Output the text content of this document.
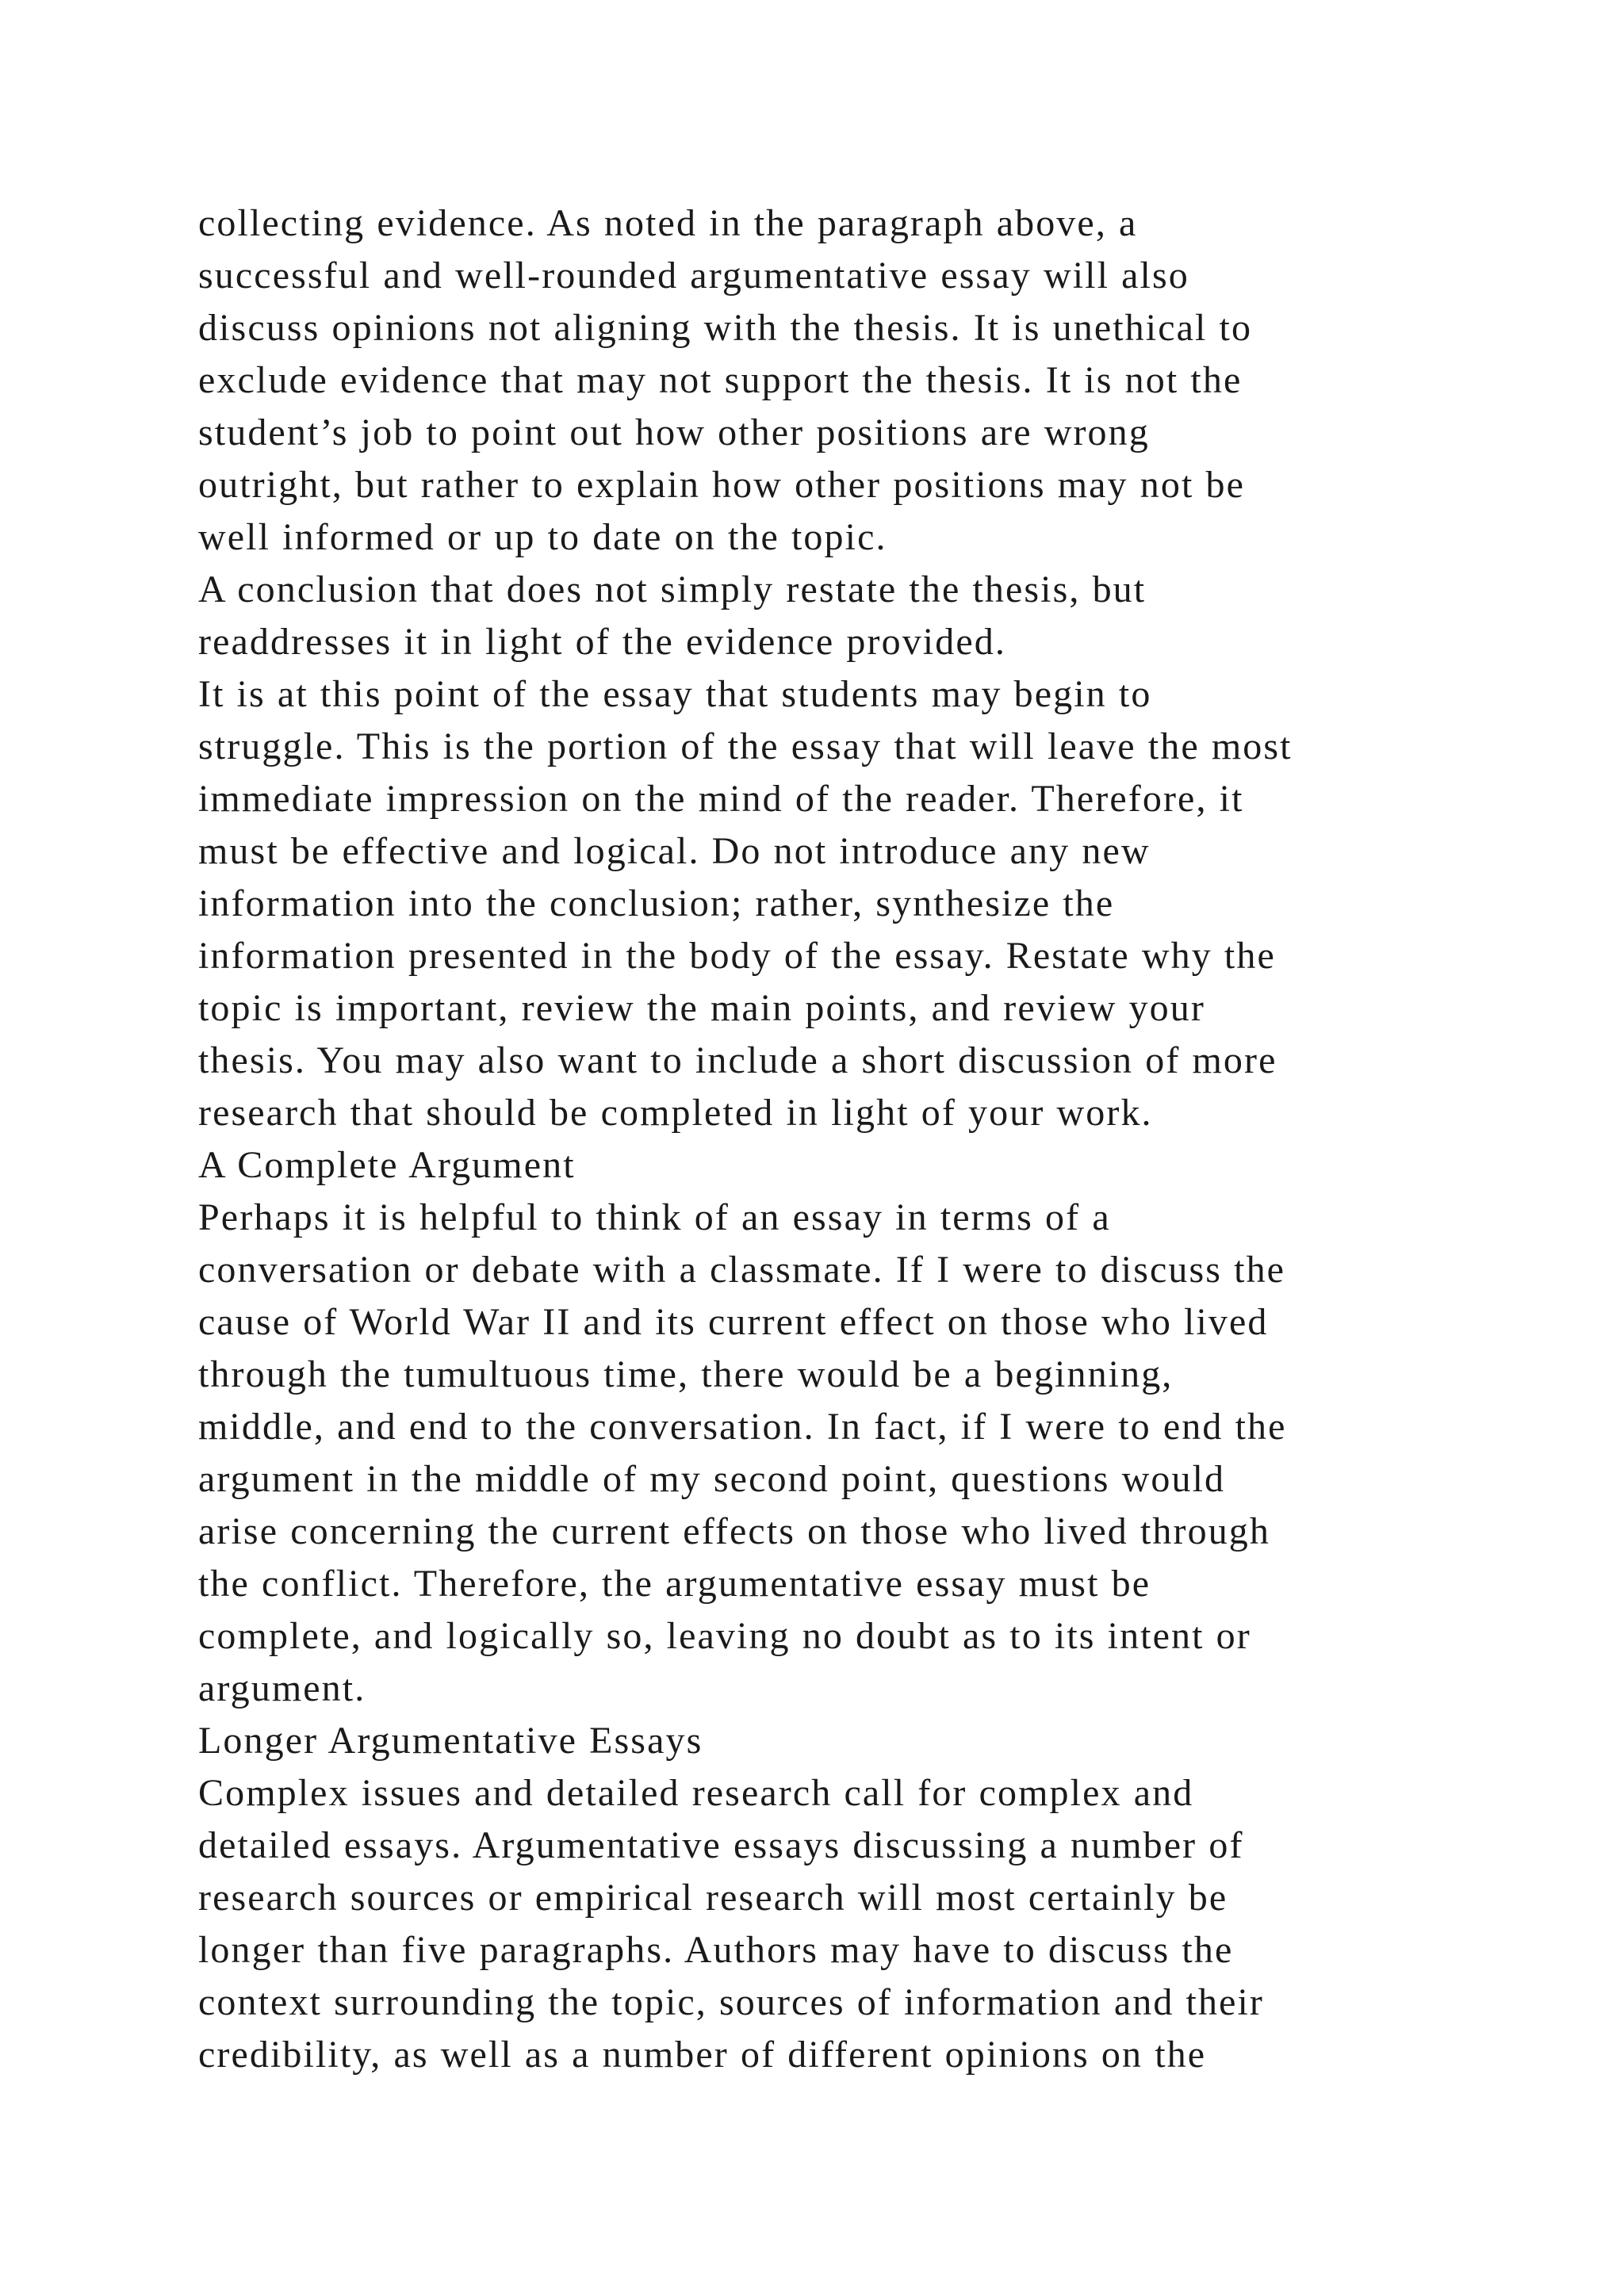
collecting evidence. As noted in the paragraph above, a
successful and well-rounded argumentative essay will also
discuss opinions not aligning with the thesis. It is unethical to
exclude evidence that may not support the thesis. It is not the
student’s job to point out how other positions are wrong
outright, but rather to explain how other positions may not be
well informed or up to date on the topic.
A conclusion that does not simply restate the thesis, but
readdresses it in light of the evidence provided.
It is at this point of the essay that students may begin to
struggle. This is the portion of the essay that will leave the most
immediate impression on the mind of the reader. Therefore, it
must be effective and logical. Do not introduce any new
information into the conclusion; rather, synthesize the
information presented in the body of the essay. Restate why the
topic is important, review the main points, and review your
thesis. You may also want to include a short discussion of more
research that should be completed in light of your work.
A Complete Argument
Perhaps it is helpful to think of an essay in terms of a
conversation or debate with a classmate. If I were to discuss the
cause of World War II and its current effect on those who lived
through the tumultuous time, there would be a beginning,
middle, and end to the conversation. In fact, if I were to end the
argument in the middle of my second point, questions would
arise concerning the current effects on those who lived through
the conflict. Therefore, the argumentative essay must be
complete, and logically so, leaving no doubt as to its intent or
argument.
Longer Argumentative Essays
Complex issues and detailed research call for complex and
detailed essays. Argumentative essays discussing a number of
research sources or empirical research will most certainly be
longer than five paragraphs. Authors may have to discuss the
context surrounding the topic, sources of information and their
credibility, as well as a number of different opinions on the
